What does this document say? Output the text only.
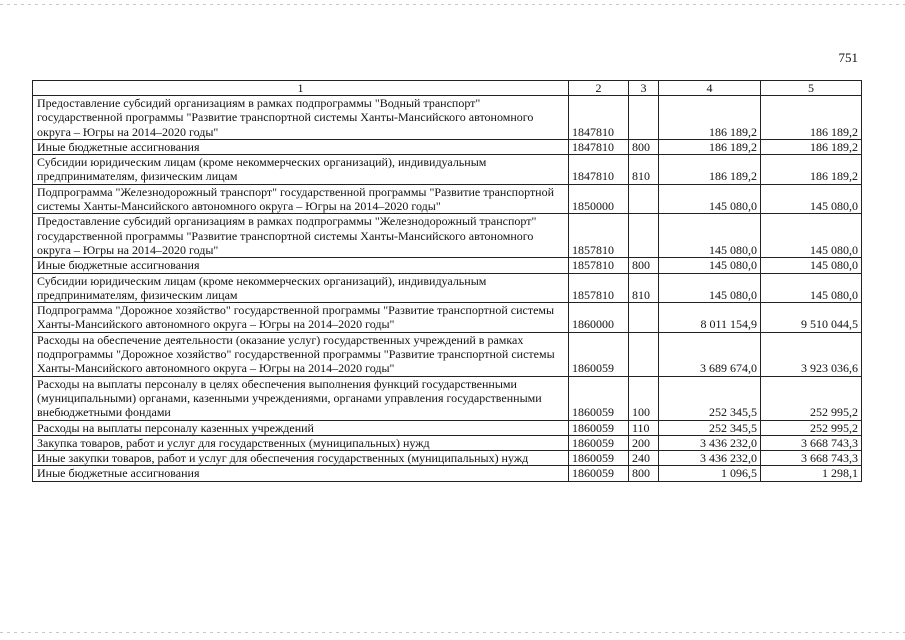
751
1	2	3	4	5
Предоставление субсидий организациям в рамках подпрограммы "Водный транспорт" государственной программы "Развитие транспортной системы Ханты-Мансийского автономного округа – Югры на 2014–2020 годы"	1847810		186 189,2	186 189,2
Иные бюджетные ассигнования	1847810	800	186 189,2	186 189,2
Субсидии юридическим лицам (кроме некоммерческих организаций), индивидуальным предпринимателям, физическим лицам	1847810	810	186 189,2	186 189,2
Подпрограмма "Железнодорожный транспорт" государственной программы "Развитие транспортной системы Ханты-Мансийского автономного округа – Югры на 2014–2020 годы"	1850000		145 080,0	145 080,0
Предоставление субсидий организациям в рамках подпрограммы "Железнодорожный транспорт" государственной программы "Развитие транспортной системы Ханты-Мансийского автономного округа – Югры на 2014–2020 годы"	1857810		145 080,0	145 080,0
Иные бюджетные ассигнования	1857810	800	145 080,0	145 080,0
Субсидии юридическим лицам (кроме некоммерческих организаций), индивидуальным предпринимателям, физическим лицам	1857810	810	145 080,0	145 080,0
Подпрограмма "Дорожное хозяйство" государственной программы "Развитие транспортной системы Ханты-Мансийского автономного округа – Югры на 2014–2020 годы"	1860000		8 011 154,9	9 510 044,5
Расходы на обеспечение деятельности (оказание услуг) государственных учреждений в рамках подпрограммы "Дорожное хозяйство" государственной программы "Развитие транспортной системы Ханты-Мансийского автономного округа – Югры на 2014–2020 годы"	1860059		3 689 674,0	3 923 036,6
Расходы на выплаты персоналу в целях обеспечения выполнения функций государственными (муниципальными) органами, казенными учреждениями, органами управления государственными внебюджетными фондами	1860059	100	252 345,5	252 995,2
Расходы на выплаты персоналу казенных учреждений	1860059	110	252 345,5	252 995,2
Закупка товаров, работ и услуг для государственных (муниципальных) нужд	1860059	200	3 436 232,0	3 668 743,3
Иные закупки товаров, работ и услуг для обеспечения государственных (муниципальных) нужд	1860059	240	3 436 232,0	3 668 743,3
Иные бюджетные ассигнования	1860059	800	1 096,5	1 298,1
